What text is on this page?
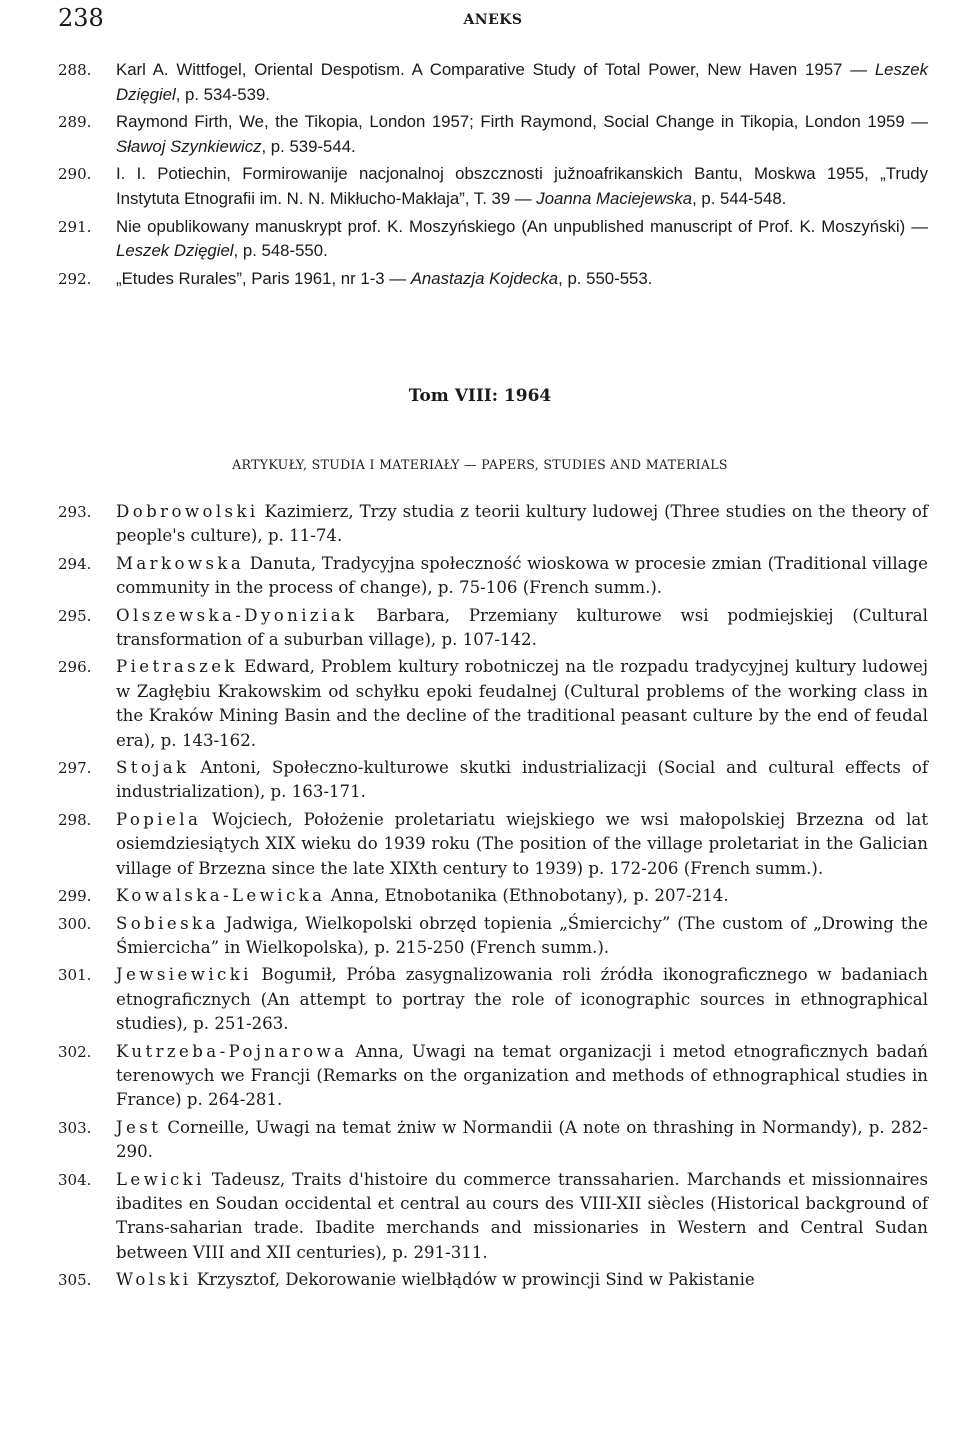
238	ANEKS

288. Karl A. Wittfogel, Oriental Despotism. A Comparative Study of Total Power, New Haven 1957 — Leszek Dzięgiel, p. 534-539.

289. Raymond Firth, We, the Tikopia, London 1957; Firth Raymond, Social Change in Tikopia, London 1959 — Sławoj Szynkiewicz, p. 539-544.

290. I. I. Potiechin, Formirowanije nacjonalnoj obszcznosti južnoafrikanskich Bantu, Moskwa 1955, „Trudy Instytuta Etnografii im. N. N. Mikłucho-Makłaja”, T. 39 — Joanna Maciejewska, p. 544-548.

291. Nie opublikowany manuskrypt prof. K. Moszyńskiego (An unpublished manuscript of Prof. K. Moszyński) — Leszek Dzięgiel, p. 548-550.

292. „Etudes Rurales”, Paris 1961, nr 1-3 — Anastazja Kojdecka, p. 550-553.

Tom VIII: 1964
ARTYKUŁY, STUDIA I MATERIAŁY — PAPERS, STUDIES AND MATERIALS

293. Dobrowolski Kazimierz, Trzy studia z teorii kultury ludowej (Three studies on the theory of people's culture), p. 11-74.

294. Markowska Danuta, Tradycyjna społeczność wioskowa w procesie zmian (Traditional village community in the process of change), p. 75-106 (French summ.).

295. Olszewska-Dyoniziak Barbara, Przemiany kulturowe wsi podmiejskiej (Cultural transformation of a suburban village), p. 107-142.

296. Pietraszek Edward, Problem kultury robotniczej na tle rozpadu tradycyjnej kultury ludowej w Zagłębiu Krakowskim od schyłku epoki feudalnej (Cultural problems of the working class in the Kraków Mining Basin and the decline of the traditional peasant culture by the end of feudal era), p. 143-162.

297. Stojak Antoni, Społeczno-kulturowe skutki industrializacji (Social and cultural effects of industrialization), p. 163-171.

298. Popiela Wojciech, Położenie proletariatu wiejskiego we wsi małopolskiej Brzezna od lat osiemdziesiątych XIX wieku do 1939 roku (The position of the village proletariat in the Galician village of Brzezna since the late XIXth century to 1939) p. 172-206 (French summ.).

299. Kowalska-Lewicka Anna, Etnobotanika (Ethnobotany), p. 207-214.

300. Sobieska Jadwiga, Wielkopolski obrzęd topienia „Śmiercichy” (The custom of „Drowing the Śmiercicha” in Wielkopolska), p. 215-250 (French summ.).

301. Jewsiewicki Bogumił, Próba zasygnalizowania roli źródła ikonograficznego w badaniach etnograficznych (An attempt to portray the role of iconographic sources in ethnographical studies), p. 251-263.

302. Kutrzeba-Pojnarowa Anna, Uwagi na temat organizacji i metod etnograficznych badań terenowych we Francji (Remarks on the organization and methods of ethnographical studies in France) p. 264-281.

303. Jest Corneille, Uwagi na temat żniw w Normandii (A note on thrashing in Normandy), p. 282-290.

304. Lewicki Tadeusz, Traits d'histoire du commerce transsaharien. Marchands et missionnaires ibadites en Soudan occidental et central au cours des VIII-XII siècles (Historical background of Trans-saharian trade. Ibadite merchands and missionaries in Western and Central Sudan between VIII and XII centuries), p. 291-311.

305. Wolski Krzysztof, Dekorowanie wielbłądów w prowincji Sind w Pakistanie
